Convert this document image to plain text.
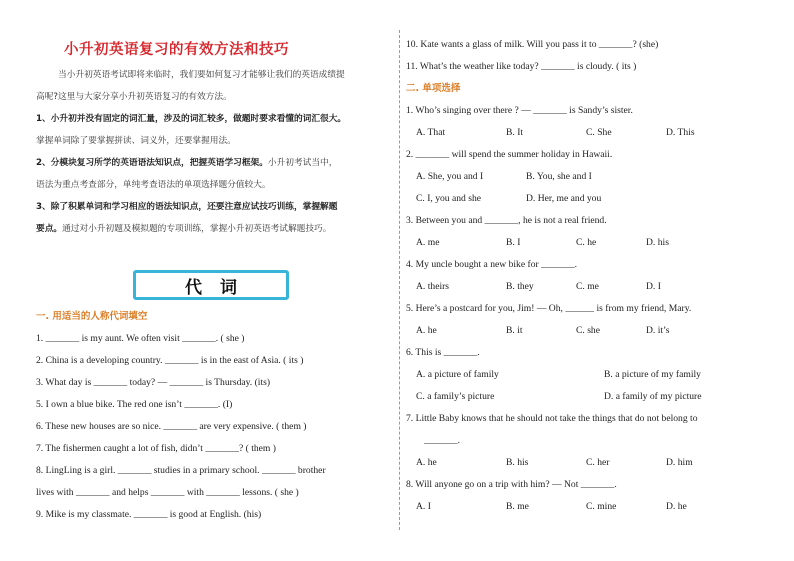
小升初英语复习的有效方法和技巧
当小升初英语考试即将来临时，我们要如何复习才能够让我们的英语成绩提
高呢?这里与大家分享小升初英语复习的有效方法。
1、小升初并没有固定的词汇量，涉及的词汇较多，做题时要求看懂的词汇很大。
掌握单词除了要掌握拼读、词义外，还要掌握用法。
2、分模块复习所学的英语语法知识点，把握英语学习框架。小升初考试当中，
语法为重点考查部分，单纯考查语法的单项选择题分值较大。
3、除了积累单词和学习相应的语法知识点，还要注意应试技巧训练，掌握解题
要点。通过对小升初题及模拟题的专项训练，掌握小升初英语考试解题技巧。
代词
一. 用适当的人称代词填空
1. _______ is my aunt. We often visit _______. ( she )
2. China is a developing country. _______ is in the east of Asia. ( its )
3. What day is _______ today? — _______ is Thursday. (its)
5. I own a blue bike. The red one isn’t _______. (I)
6. These new houses are so nice. _______ are very expensive. ( them )
7. The fishermen caught a lot of fish, didn’t _______? ( them )
8. LingLing is a girl. _______ studies in a primary school. _______ brother
lives with _______ and helps _______ with _______ lessons. ( she )
9. Mike is my classmate. _______ is good at English. (his)
10. Kate wants a glass of milk. Will you pass it to _______? (she)
11. What’s the weather like today? _______ is cloudy. ( its )
二. 单项选择
1. Who’s singing over there ? — _______ is Sandy’s sister.
A. That	B. It	C. She	D. This
2. _______ will spend the summer holiday in Hawaii.
A. She, you and I	B. You, she and I
C. I, you and she	D. Her, me and you
3. Between you and _______, he is not a real friend.
A. me	B. I	C. he	D. his
4. My uncle bought a new bike for _______.
A. theirs	B. they	C. me	D. I
5. Here’s a postcard for you, Jim! — Oh, ______ is from my friend, Mary.
A. he	B. it	C. she	D. it’s
6. This is _______.
A. a picture of family	B. a picture of my family
C. a family’s picture	D. a family of my picture
7. Little Baby knows that he should not take the things that do not belong to
_______.
A. he	B. his	C. her	D. him
8. Will anyone go on a trip with him? — Not _______.
A. I	B. me	C. mine	D. he
